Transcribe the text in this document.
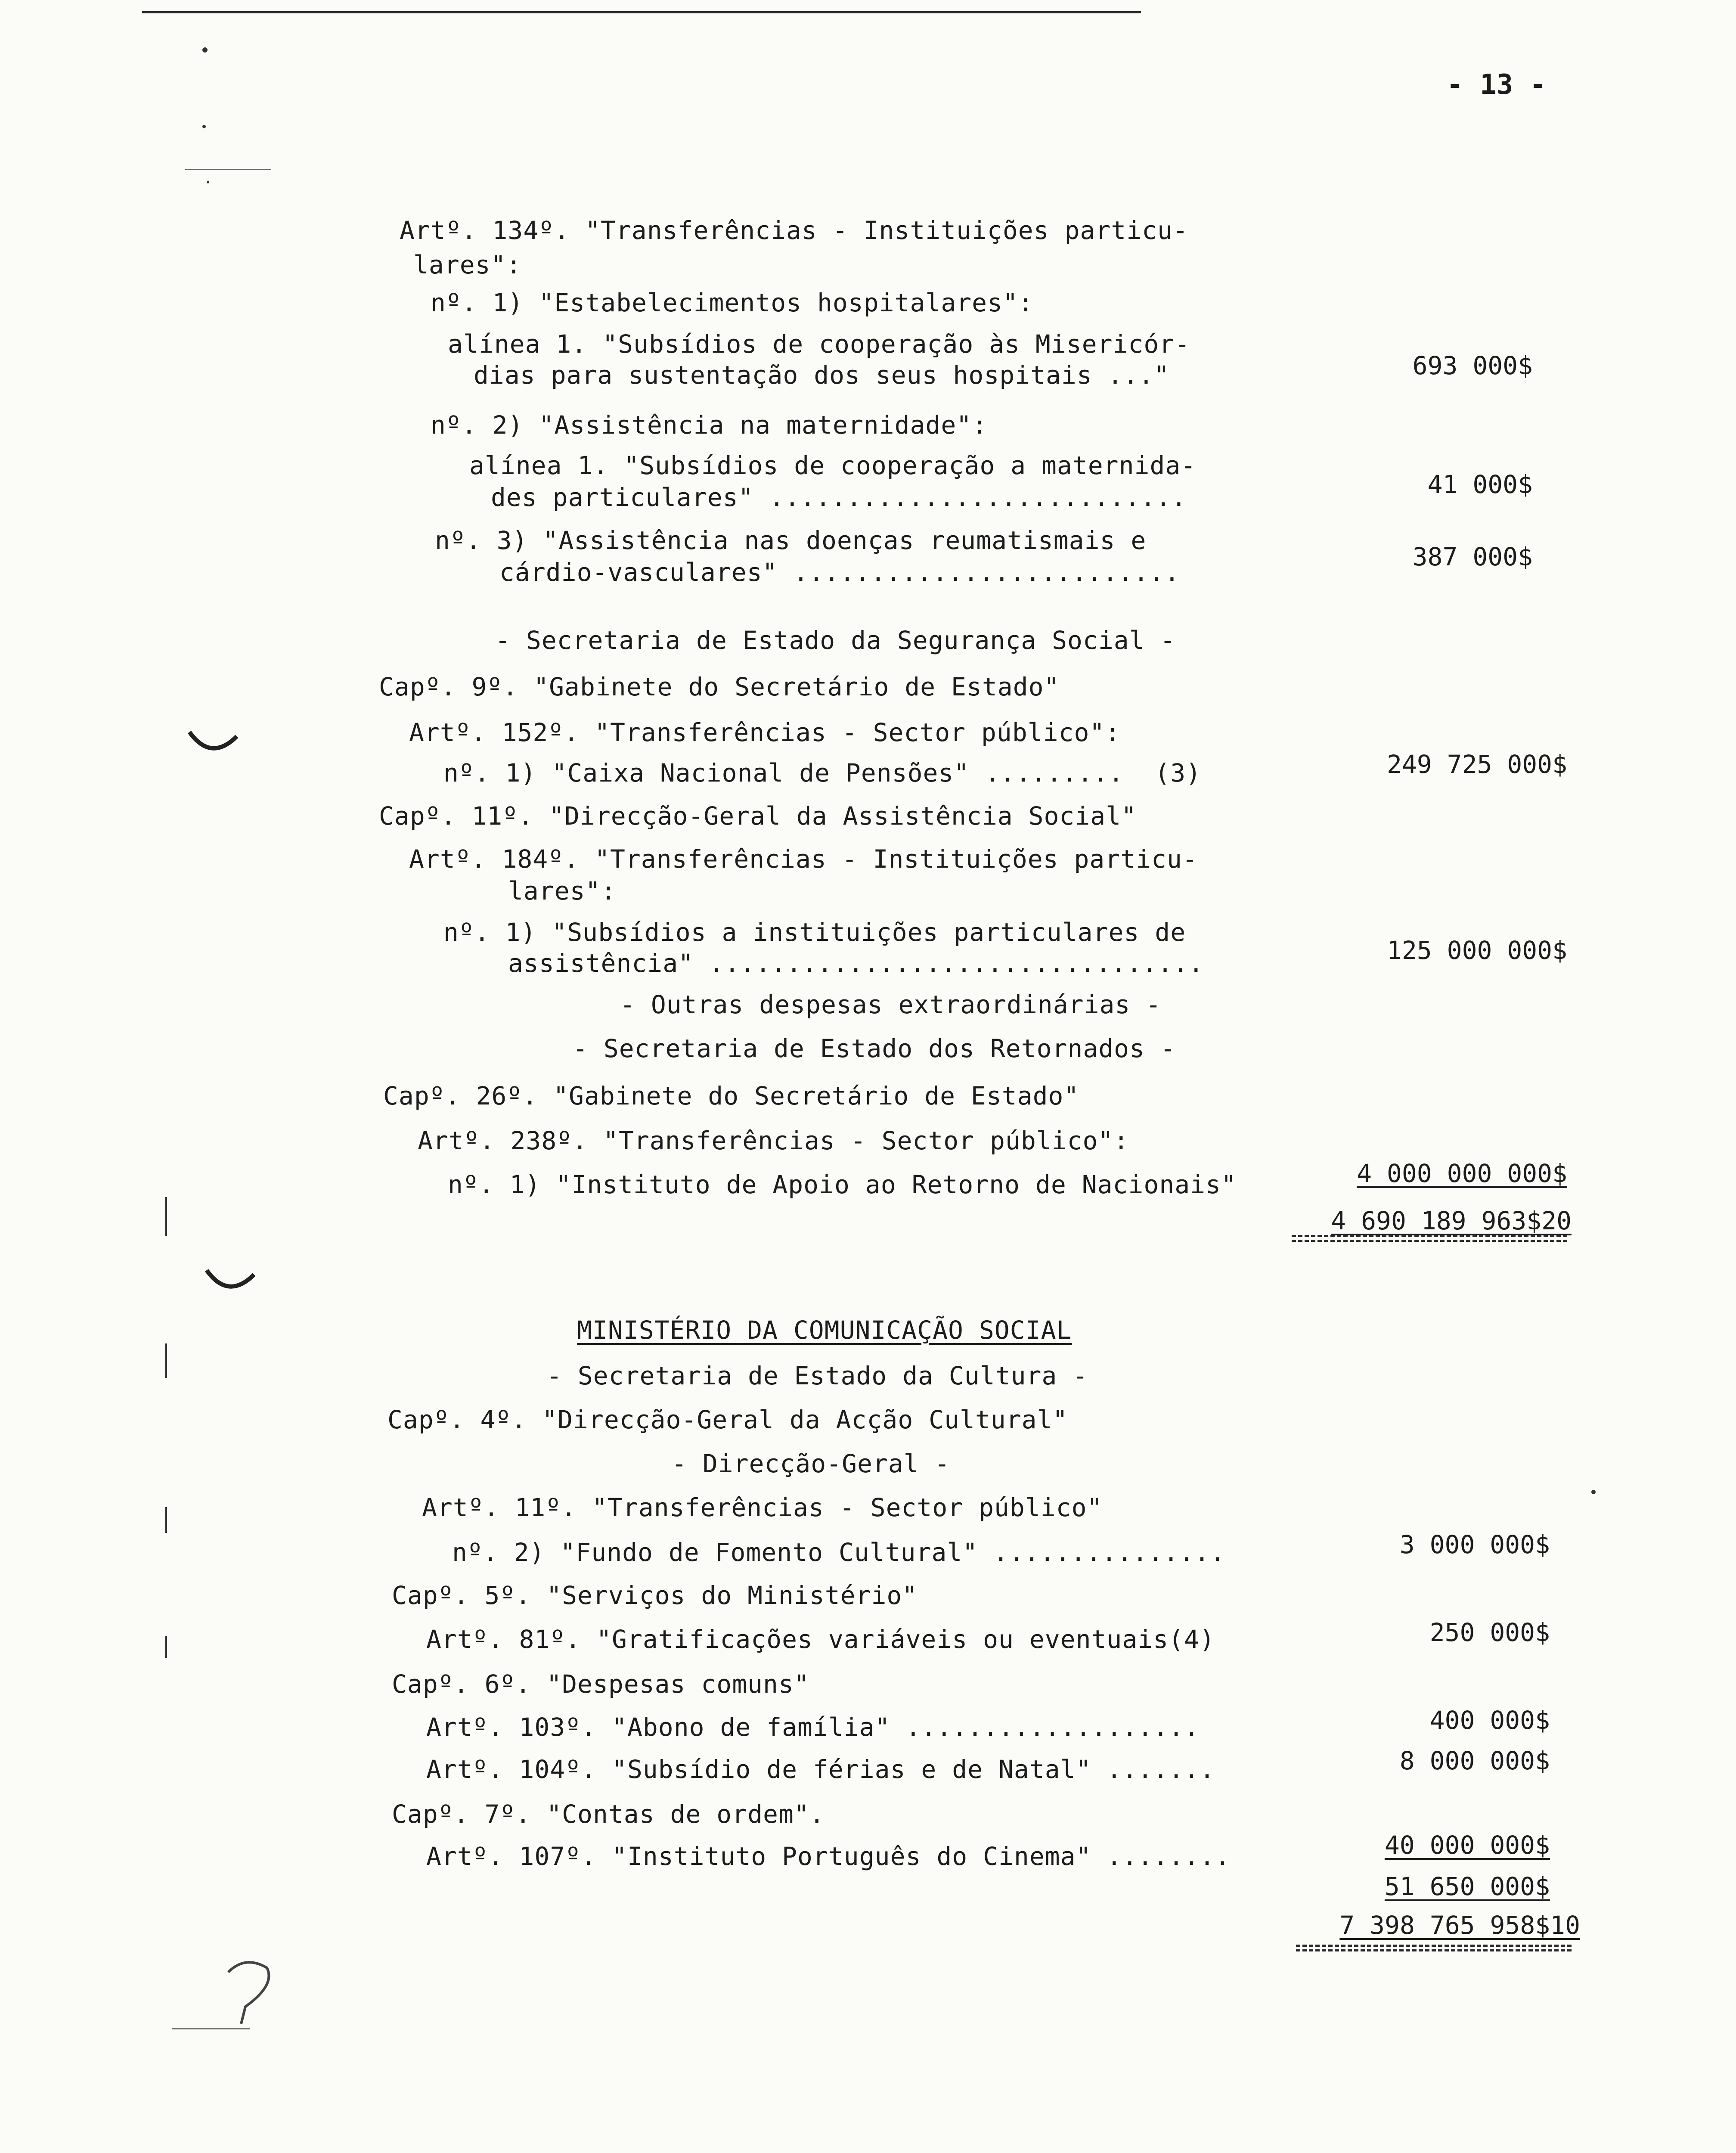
- 13 -
Artº. 134º. "Transferências - Instituições particu-
lares":
nº. 1) "Estabelecimentos hospitalares":
alínea 1. "Subsídios de cooperação às Misericór-
dias para sustentação dos seus hospitais ..."
nº. 2) "Assistência na maternidade":
alínea 1. "Subsídios de cooperação a maternida-
des particulares" ...........................
nº. 3) "Assistência nas doenças reumatismais e
cárdio-vasculares" .........................
- Secretaria de Estado da Segurança Social -
Capº. 9º. "Gabinete do Secretário de Estado"
Artº. 152º. "Transferências - Sector público":
nº. 1) "Caixa Nacional de Pensões" .........  (3)
Capº. 11º. "Direcção-Geral da Assistência Social"
Artº. 184º. "Transferências - Instituições particu-
lares":
nº. 1) "Subsídios a instituições particulares de
assistência" ................................
- Outras despesas extraordinárias -
- Secretaria de Estado dos Retornados -
Capº. 26º. "Gabinete do Secretário de Estado"
Artº. 238º. "Transferências - Sector público":
nº. 1) "Instituto de Apoio ao Retorno de Nacionais"
MINISTÉRIO DA COMUNICAÇÃO SOCIAL
- Secretaria de Estado da Cultura -
Capº. 4º. "Direcção-Geral da Acção Cultural"
- Direcção-Geral -
Artº. 11º. "Transferências - Sector público"
nº. 2) "Fundo de Fomento Cultural" ...............
Capº. 5º. "Serviços do Ministério"
Artº. 81º. "Gratificações variáveis ou eventuais(4)
Capº. 6º. "Despesas comuns"
Artº. 103º. "Abono de família" ...................
Artº. 104º. "Subsídio de férias e de Natal" .......
Capº. 7º. "Contas de ordem".
Artº. 107º. "Instituto Português do Cinema" ........
693 000$
41 000$
387 000$
249 725 000$
125 000 000$
4 000 000 000$
4 690 189 963$20
3 000 000$
250 000$
400 000$
8 000 000$
40 000 000$
51 650 000$
7 398 765 958$10
